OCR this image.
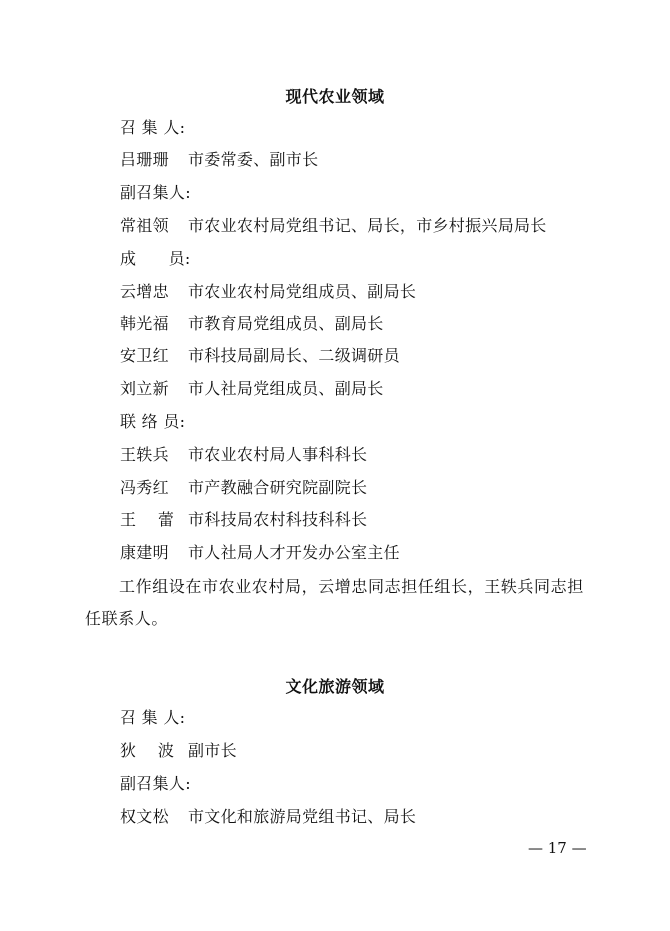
现代农业领域
召 集 人:
吕珊珊 市委常委、副市长
副召集人:
常祖领 市农业农村局党组书记、局长，市乡村振兴局局长
成      员:
云增忠 市农业农村局党组成员、副局长
韩光福 市教育局党组成员、副局长
安卫红 市科技局副局长、二级调研员
刘立新 市人社局党组成员、副局长
联 络 员:
王轶兵 市农业农村局人事科科长
冯秀红 市产教融合研究院副院长
王    蕾 市科技局农村科技科科长
康建明 市人社局人才开发办公室主任
工作组设在市农业农村局，云增忠同志担任组长，王轶兵同志担任联系人。
文化旅游领域
召 集 人:
狄    波 副市长
副召集人:
权文松 市文化和旅游局党组书记、局长
— 17 —
